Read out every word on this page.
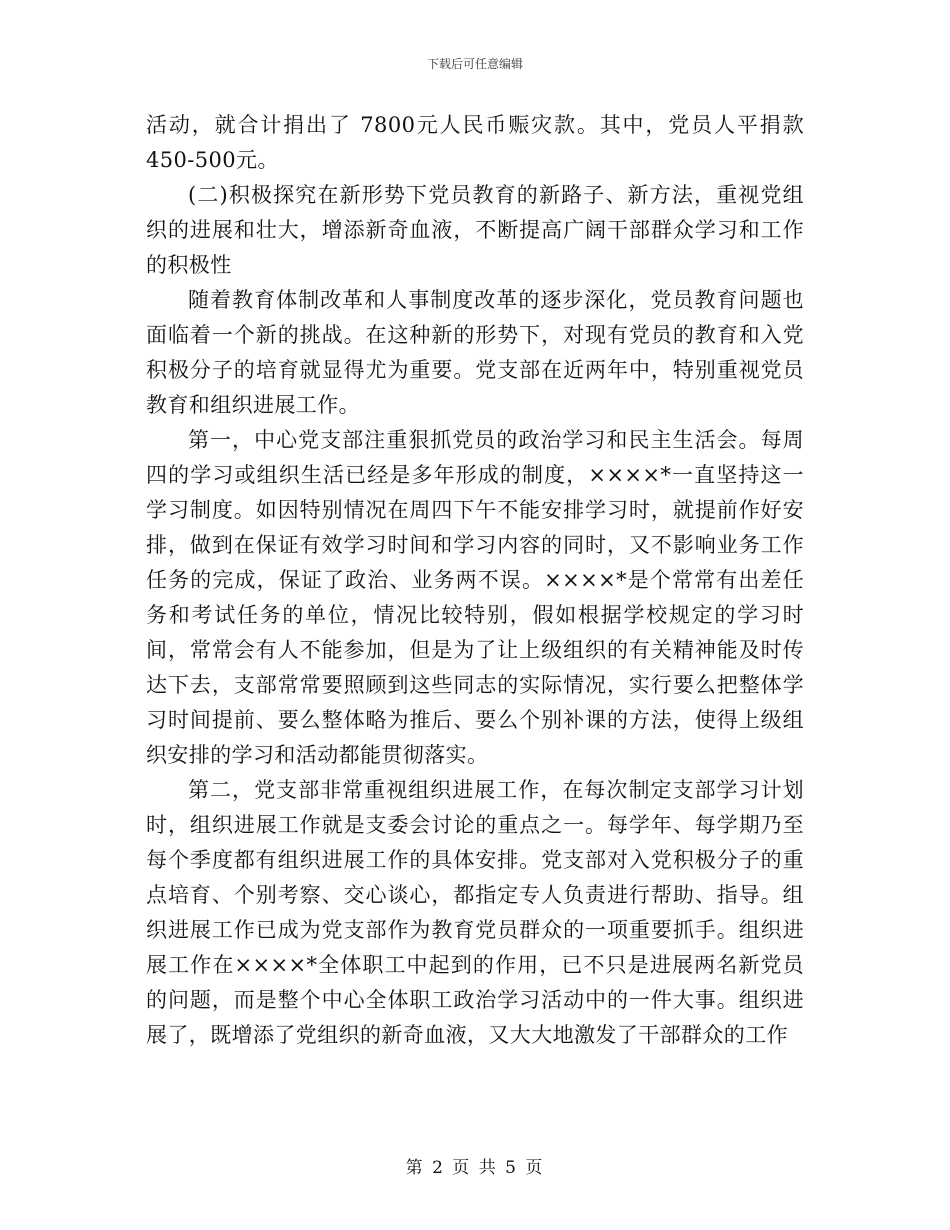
下载后可任意编辑

活动，就合计捐出了 7800元人民币赈灾款。其中，党员人平捐款 450-500元。

(二)积极探究在新形势下党员教育的新路子、新方法，重视党组织的进展和壮大，增添新奇血液，不断提高广阔干部群众学习和工作的积极性

随着教育体制改革和人事制度改革的逐步深化，党员教育问题也面临着一个新的挑战。在这种新的形势下，对现有党员的教育和入党积极分子的培育就显得尤为重要。党支部在近两年中，特别重视党员教育和组织进展工作。

第一，中心党支部注重狠抓党员的政治学习和民主生活会。每周四的学习或组织生活已经是多年形成的制度，××××*一直坚持这一学习制度。如因特别情况在周四下午不能安排学习时，就提前作好安排，做到在保证有效学习时间和学习内容的同时，又不影响业务工作任务的完成，保证了政治、业务两不误。××××*是个常常有出差任务和考试任务的单位，情况比较特别，假如根据学校规定的学习时间，常常会有人不能参加，但是为了让上级组织的有关精神能及时传达下去，支部常常要照顾到这些同志的实际情况，实行要么把整体学习时间提前、要么整体略为推后、要么个别补课的方法，使得上级组织安排的学习和活动都能贯彻落实。

第二，党支部非常重视组织进展工作，在每次制定支部学习计划时，组织进展工作就是支委会讨论的重点之一。每学年、每学期乃至每个季度都有组织进展工作的具体安排。党支部对入党积极分子的重点培育、个别考察、交心谈心，都指定专人负责进行帮助、指导。组织进展工作已成为党支部作为教育党员群众的一项重要抓手。组织进展工作在××××*全体职工中起到的作用，已不只是进展两名新党员的问题，而是整个中心全体职工政治学习活动中的一件大事。组织进展了，既增添了党组织的新奇血液，又大大地激发了干部群众的工作

第 2 页 共 5 页
